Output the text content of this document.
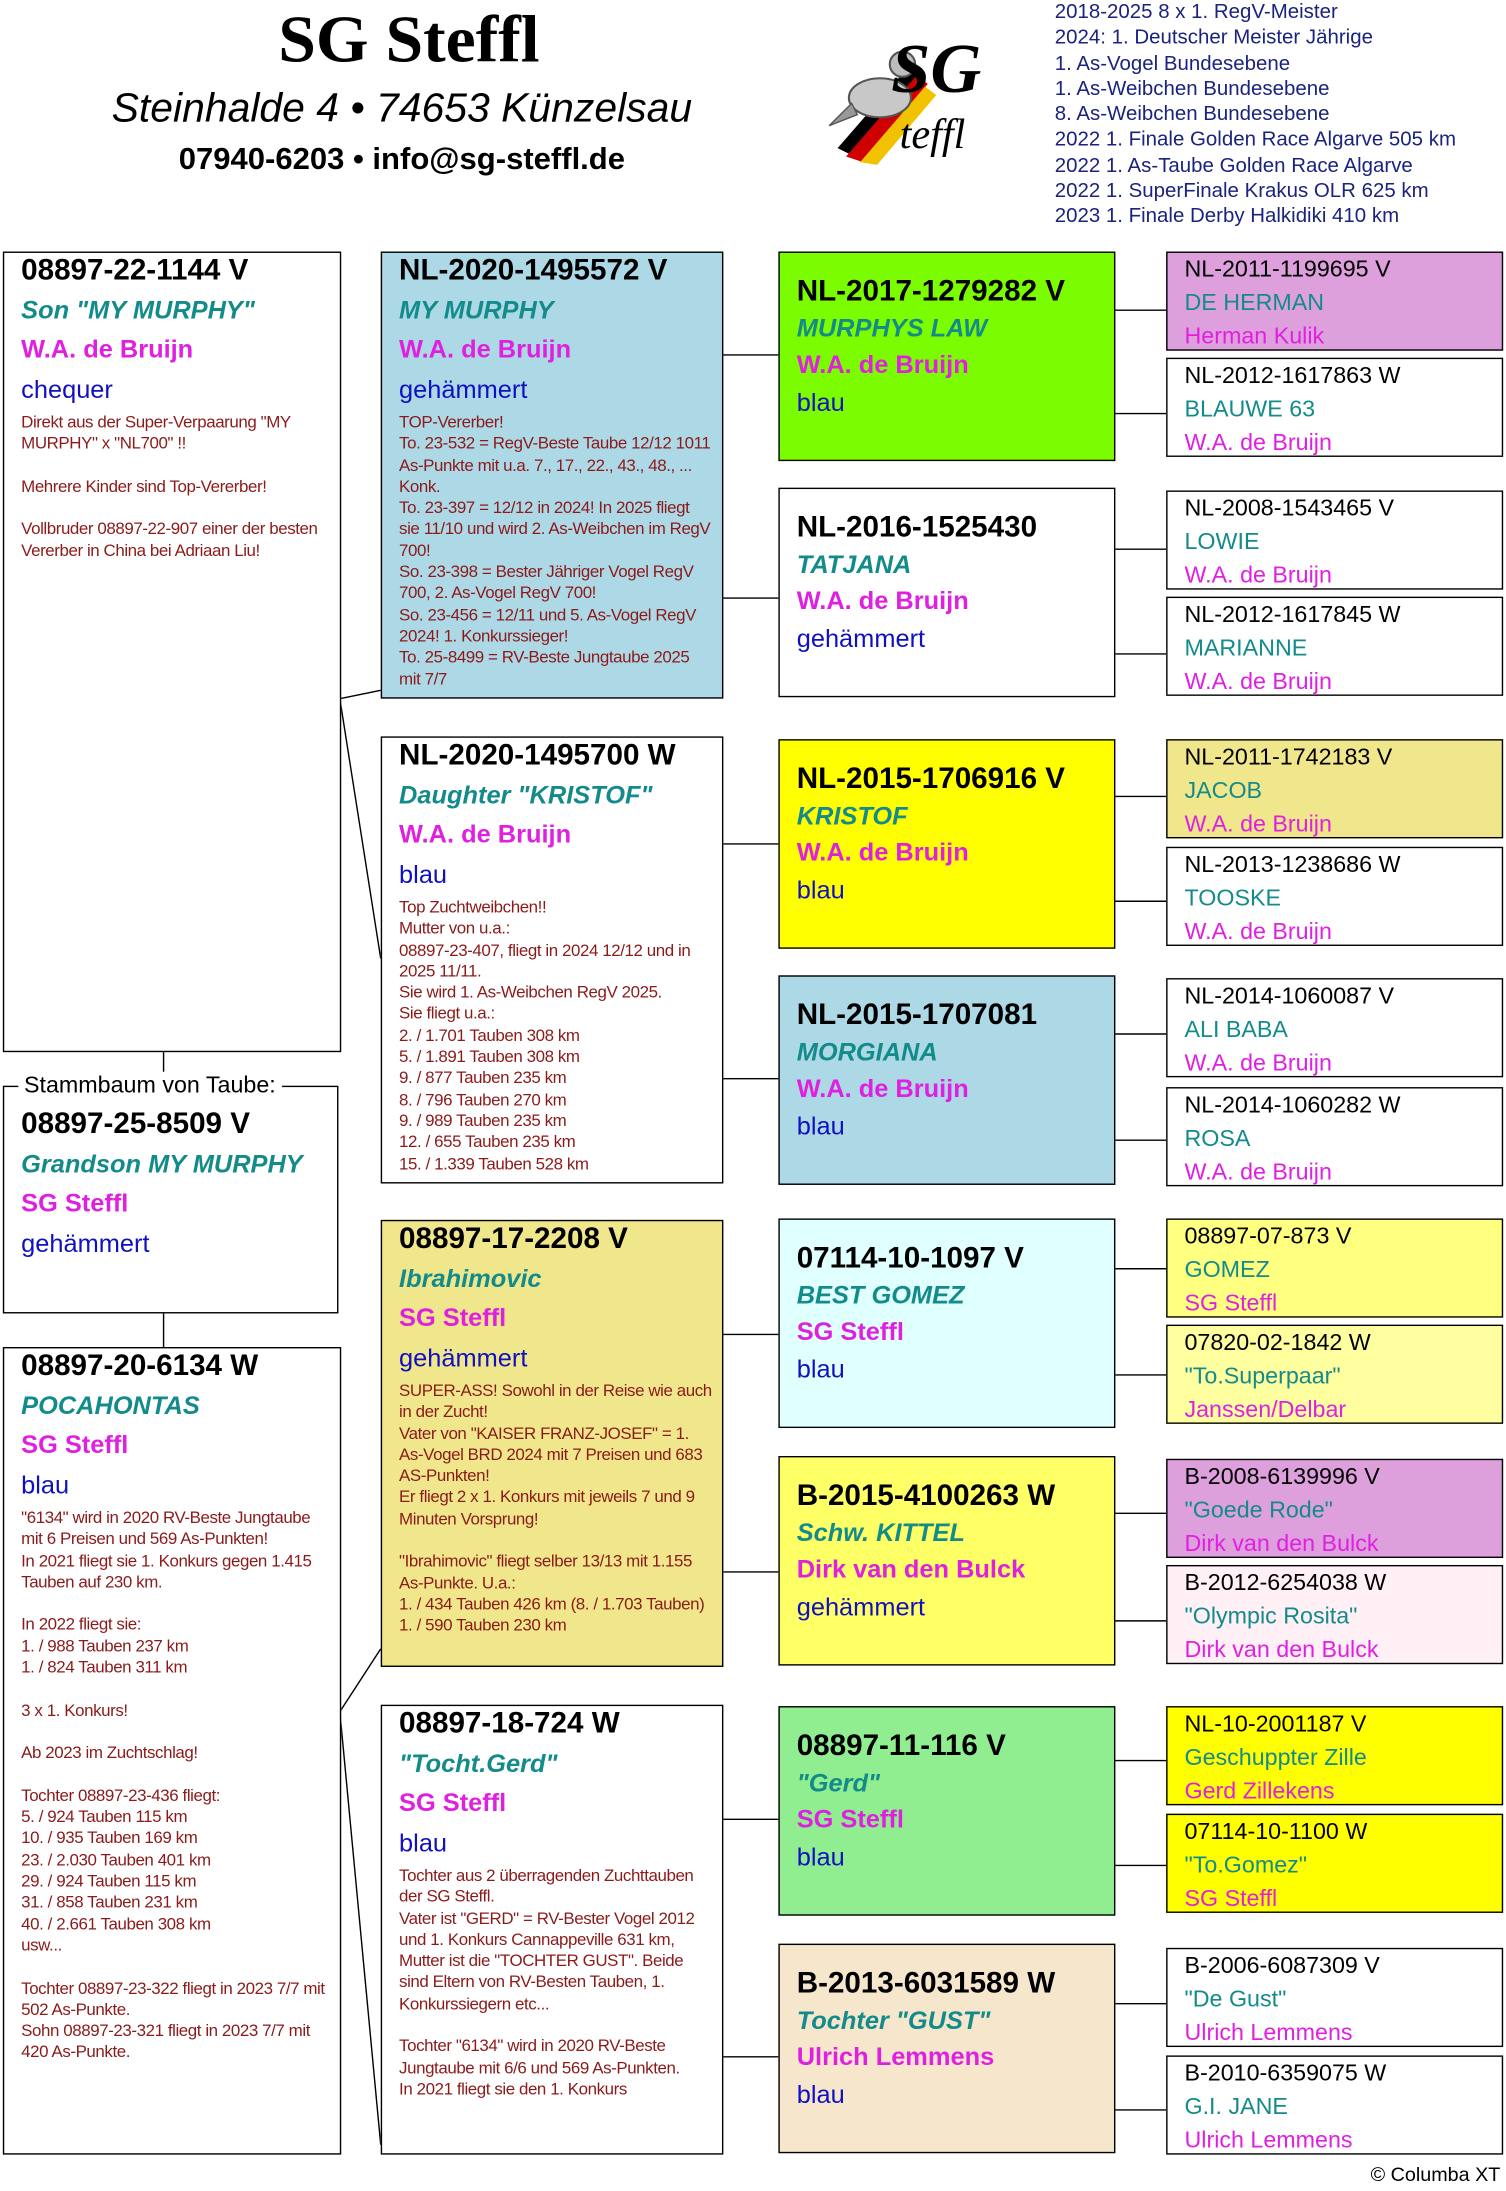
SG Steffl
Steinhalde 4 • 74653 Künzelsau
07940-6203 • info@sg-steffl.de
SG
teffl
2018-2025 8 x 1. RegV-Meister
2024: 1. Deutscher Meister Jährige
1. As-Vogel Bundesebene
1. As-Weibchen Bundesebene
8. As-Weibchen Bundesebene
2022 1. Finale Golden Race Algarve 505 km
2022 1. As-Taube Golden Race Algarve
2022 1. SuperFinale Krakus OLR 625 km
2023 1. Finale Derby Halkidiki 410 km
08897-22-1144 V
Son "MY MURPHY"
W.A. de Bruijn
chequer
Direkt aus der Super-Verpaarung "MY MURPHY" x "NL700" !!

Mehrere Kinder sind Top-Vererber!

Vollbruder 08897-22-907 einer der besten Vererber in China bei Adriaan Liu!
Stammbaum von Taube:
08897-25-8509 V
Grandson MY MURPHY
SG Steffl
gehämmert
08897-20-6134 W
POCAHONTAS
SG Steffl
blau
"6134" wird in 2020 RV-Beste Jungtaube mit 6 Preisen und 569 As-Punkten!
In 2021 fliegt sie 1. Konkurs gegen 1.415 Tauben auf 230 km.

In 2022 fliegt sie:
1. / 988 Tauben 237 km
1. / 824 Tauben 311 km

3 x 1. Konkurs!

Ab 2023 im Zuchtschlag!

Tochter 08897-23-436 fliegt:
5. / 924 Tauben 115 km
10. / 935 Tauben 169 km
23. / 2.030 Tauben 401 km
29. / 924 Tauben 115 km
31. / 858 Tauben 231 km
40. / 2.661 Tauben 308 km
usw...

Tochter 08897-23-322 fliegt in 2023 7/7 mit 502 As-Punkte.
Sohn 08897-23-321 fliegt in 2023 7/7 mit 420 As-Punkte.
NL-2020-1495572 V
MY MURPHY
W.A. de Bruijn
gehämmert
TOP-Vererber!
To. 23-532 = RegV-Beste Taube 12/12 1011 As-Punkte mit u.a. 7., 17., 22., 43., 48., ... Konk.
To. 23-397 = 12/12 in 2024! In 2025 fliegt sie 11/10 und wird 2. As-Weibchen im RegV 700!
So. 23-398 = Bester Jähriger Vogel RegV 700, 2. As-Vogel RegV 700!
So. 23-456 = 12/11 und 5. As-Vogel RegV 2024! 1. Konkurssieger!
To. 25-8499 = RV-Beste Jungtaube 2025 mit 7/7
NL-2020-1495700 W
Daughter "KRISTOF"
W.A. de Bruijn
blau
Top Zuchtweibchen!!
Mutter von u.a.:
08897-23-407, fliegt in 2024 12/12 und in 2025 11/11.
Sie wird 1. As-Weibchen RegV 2025.
Sie fliegt u.a.:
2. / 1.701 Tauben 308 km
5. / 1.891 Tauben 308 km
9. / 877 Tauben 235 km
8. / 796 Tauben 270 km
9. / 989 Tauben 235 km
12. / 655 Tauben 235 km
15. / 1.339 Tauben 528 km
08897-17-2208 V
Ibrahimovic
SG Steffl
gehämmert
SUPER-ASS! Sowohl in der Reise wie auch in der Zucht!
Vater von "KAISER FRANZ-JOSEF" = 1. As-Vogel BRD 2024 mit 7 Preisen und 683 AS-Punkten!
Er fliegt 2 x 1. Konkurs mit jeweils 7 und 9 Minuten Vorsprung!

"Ibrahimovic" fliegt selber 13/13 mit 1.155 As-Punkte. U.a.:
1. / 434 Tauben 426 km (8. / 1.703 Tauben)
1. / 590 Tauben 230 km
08897-18-724 W
"Tocht.Gerd"
SG Steffl
blau
Tochter aus 2 überragenden Zuchttauben der SG Steffl.
Vater ist "GERD" = RV-Bester Vogel 2012 und 1. Konkurs Cannappeville 631 km, Mutter ist die "TOCHTER GUST". Beide sind Eltern von RV-Besten Tauben, 1. Konkurssiegern etc...

Tochter "6134" wird in 2020 RV-Beste Jungtaube mit 6/6 und 569 As-Punkten.
In 2021 fliegt sie den 1. Konkurs
NL-2017-1279282 V
MURPHYS LAW
W.A. de Bruijn
blau
NL-2016-1525430
TATJANA
W.A. de Bruijn
gehämmert
NL-2015-1706916 V
KRISTOF
W.A. de Bruijn
blau
NL-2015-1707081
MORGIANA
W.A. de Bruijn
blau
07114-10-1097 V
BEST GOMEZ
SG Steffl
blau
B-2015-4100263 W
Schw. KITTEL
Dirk van den Bulck
gehämmert
08897-11-116 V
"Gerd"
SG Steffl
blau
B-2013-6031589 W
Tochter "GUST"
Ulrich Lemmens
blau
NL-2011-1199695 V
DE HERMAN
Herman Kulik
NL-2012-1617863 W
BLAUWE 63
W.A. de Bruijn
NL-2008-1543465 V
LOWIE
W.A. de Bruijn
NL-2012-1617845 W
MARIANNE
W.A. de Bruijn
NL-2011-1742183 V
JACOB
W.A. de Bruijn
NL-2013-1238686 W
TOOSKE
W.A. de Bruijn
NL-2014-1060087 V
ALI BABA
W.A. de Bruijn
NL-2014-1060282 W
ROSA
W.A. de Bruijn
08897-07-873 V
GOMEZ
SG Steffl
07820-02-1842 W
"To.Superpaar"
Janssen/Delbar
B-2008-6139996 V
"Goede Rode"
Dirk van den Bulck
B-2012-6254038 W
"Olympic Rosita"
Dirk van den Bulck
NL-10-2001187 V
Geschuppter Zille
Gerd Zillekens
07114-10-1100 W
"To.Gomez"
SG Steffl
B-2006-6087309 V
"De Gust"
Ulrich Lemmens
B-2010-6359075 W
G.I. JANE
Ulrich Lemmens
© Columba XT
